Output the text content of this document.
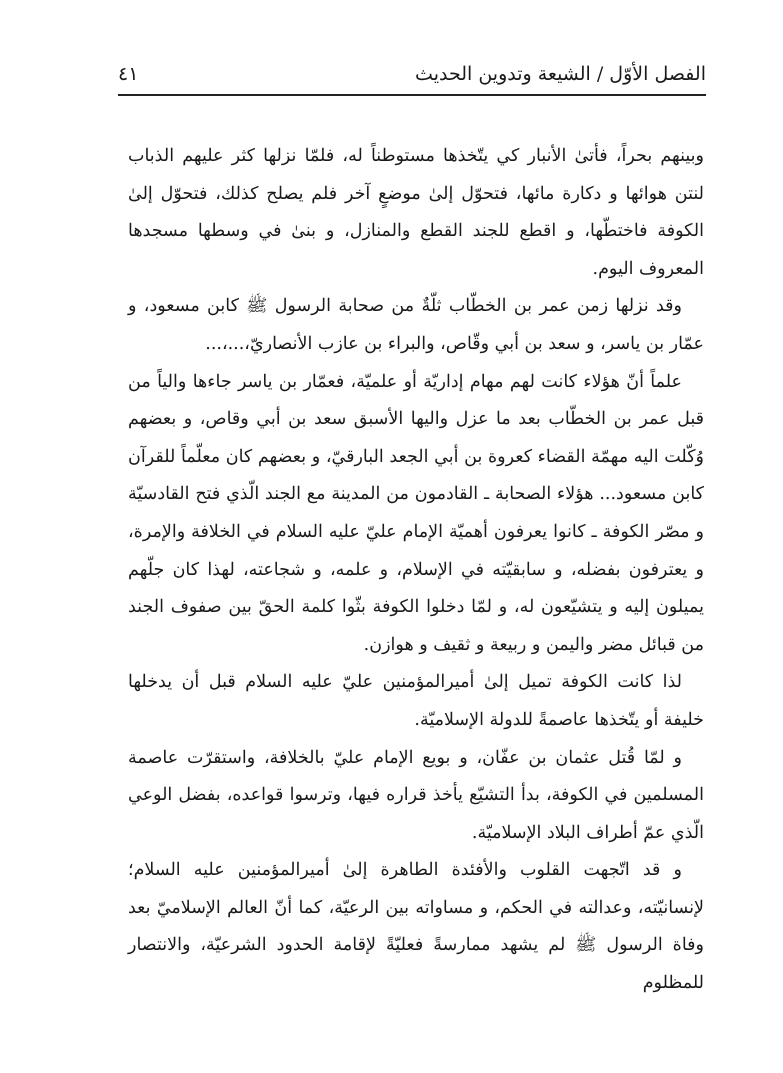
الفصل الأوّل / الشيعة وتدوين الحديث
٤١

وبينهم بحراً، فأتىٰ الأنبار كي يتّخذها مستوطناً له، فلمّا نزلها كثر عليهم الذباب لنتن هوائها و دكارة مائها، فتحوّل إلىٰ موضعٍ آخر فلم يصلح كذلك، فتحوّل إلىٰ الكوفة فاختطّها، و اقطع للجند القطع والمنازل، و بنىٰ في وسطها مسجدها المعروف اليوم.

وقد نزلها زمن عمر بن الخطّاب ثلّةٌ من صحابة الرسول ﷺ كابن مسعود، و عمّار بن ياسر، و سعد بن أبي وقّاص، والبراء بن عازب الأنصاريّ،...،...

علماً أنّ هؤلاء كانت لهم مهام إداريّة أو علميّة، فعمّار بن ياسر جاءها والياً من قبل عمر بن الخطّاب بعد ما عزل واليها الأسبق سعد بن أبي وقاص، و بعضهم وُكّلت اليه مهمّة القضاء كعروة بن أبي الجعد البارقيّ، و بعضهم كان معلّماً للقرآن كابن مسعود... هؤلاء الصحابة ـ القادمون من المدينة مع الجند الّذي فتح القادسيّة و مصّر الكوفة ـ كانوا يعرفون أهميّة الإمام عليّ عليه السلام في الخلافة والإمرة، و يعترفون بفضله، و سابقيّته في الإسلام، و علمه، و شجاعته، لهذا كان جلّهم يميلون إليه و يتشيّعون له، و لمّا دخلوا الكوفة بثّوا كلمة الحقّ بين صفوف الجند من قبائل مضر واليمن و ربيعة و ثقيف و هوازن.

لذا كانت الكوفة تميل إلىٰ أميرالمؤمنين عليّ عليه السلام قبل أن يدخلها خليفة أو يتّخذها عاصمةً للدولة الإسلاميّة.

و لمّا قُتل عثمان بن عفّان، و بويع الإمام عليّ بالخلافة، واستقرّت عاصمة المسلمين في الكوفة، بدأ التشيّع يأخذ قراره فيها، وترسوا قواعده، بفضل الوعي الّذي عمّ أطراف البلاد الإسلاميّة.

و قد اتّجهت القلوب والأفئدة الطاهرة إلىٰ أميرالمؤمنين عليه السلام؛ لإنسانيّته، وعدالته في الحكم، و مساواته بين الرعيّة، كما أنّ العالم الإسلاميّ بعد وفاة الرسول ﷺ لم يشهد ممارسةً فعليّةً لإقامة الحدود الشرعيّة، والانتصار للمظلوم
